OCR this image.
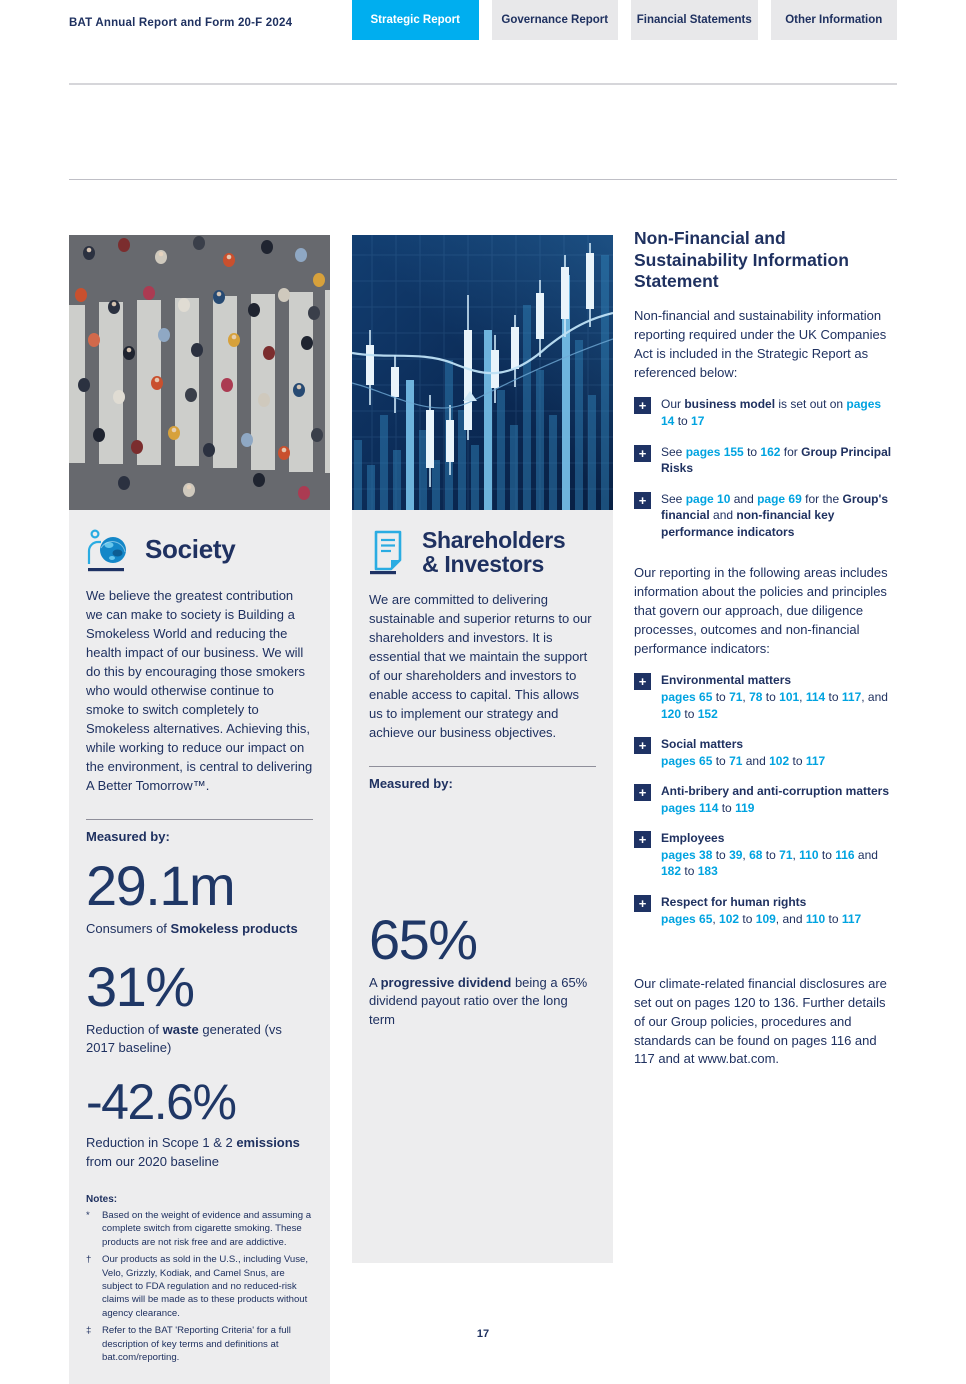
BAT Annual Report and Form 20-F 2024	Strategic Report	Governance Report	Financial Statements	Other Information
Society
We believe the greatest contribution we can make to society is Building a Smokeless World and reducing the health impact of our business. We will do this by encouraging those smokers who would otherwise continue to smoke to switch completely to Smokeless alternatives. Achieving this, while working to reduce our impact on the environment, is central to delivering A Better Tomorrow™.
Measured by:
29.1m
Consumers of Smokeless products
31%
Reduction of waste generated (vs 2017 baseline)
-42.6%
Reduction in Scope 1 & 2 emissions from our 2020 baseline
Notes:
*	Based on the weight of evidence and assuming a complete switch from cigarette smoking. These products are not risk free and are addictive.
†	Our products as sold in the U.S., including Vuse, Velo, Grizzly, Kodiak, and Camel Snus, are subject to FDA regulation and no reduced-risk claims will be made as to these products without agency clearance.
‡	Refer to the BAT 'Reporting Criteria' for a full description of key terms and definitions at bat.com/reporting.
Shareholders
& Investors
We are committed to delivering sustainable and superior returns to our shareholders and investors. It is essential that we maintain the support of our shareholders and investors to enable access to capital. This allows us to implement our strategy and achieve our business objectives.
Measured by:
65%
A progressive dividend being a 65% dividend payout ratio over the long term
Non-Financial and Sustainability Information Statement
Non-financial and sustainability information reporting required under the UK Companies Act is included in the Strategic Report as referenced below:
+
Our business model is set out on pages 14 to 17
+
See pages 155 to 162 for Group Principal Risks
+
See page 10 and page 69 for the Group's financial and non-financial key performance indicators
Our reporting in the following areas includes information about the policies and principles that govern our approach, due diligence processes, outcomes and non-financial performance indicators:
+
Environmental matters
pages 65 to 71, 78 to 101, 114 to 117, and 120 to 152
+
Social matters
pages 65 to 71 and 102 to 117
+
Anti-bribery and anti-corruption matters
pages 114 to 119
+
Employees
pages 38 to 39, 68 to 71, 110 to 116 and 182 to 183
+
Respect for human rights
pages 65, 102 to 109, and 110 to 117
Our climate-related financial disclosures are set out on pages 120 to 136. Further details of our Group policies, procedures and standards can be found on pages 116 and 117 and at www.bat.com.
17
